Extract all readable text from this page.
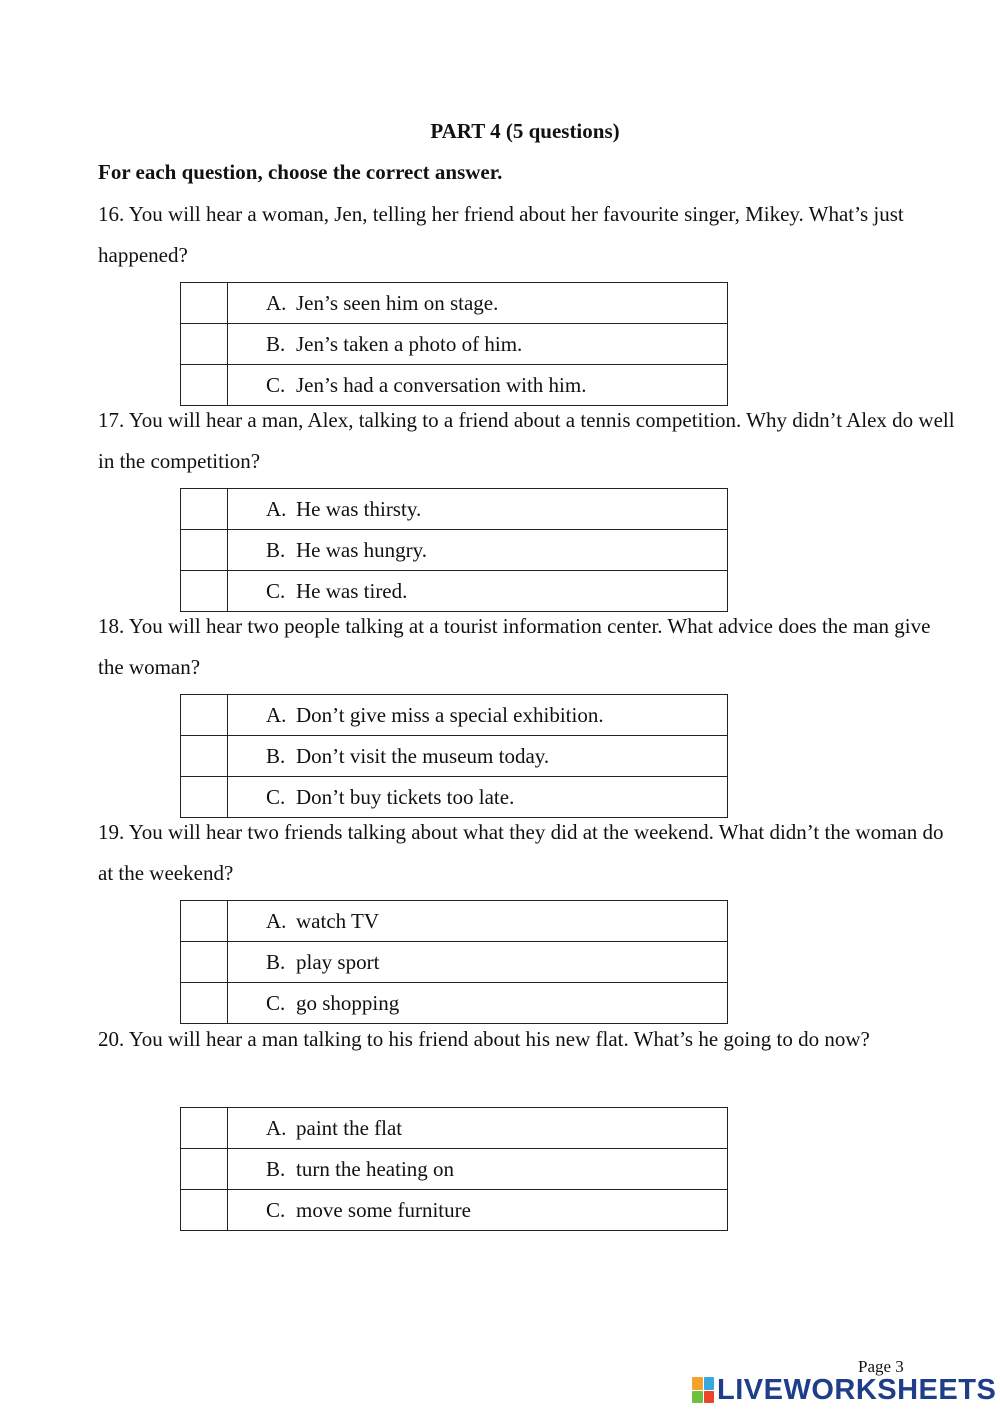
PART 4 (5 questions)
For each question, choose the correct answer.
16. You will hear a woman, Jen, telling her friend about her favourite singer, Mikey. What’s just happened?
	A. Jen’s seen him on stage.
	B. Jen’s taken a photo of him.
	C. Jen’s had a conversation with him.
17. You will hear a man, Alex, talking to a friend about a tennis competition. Why didn’t Alex do well in the competition?
	A. He was thirsty.
	B. He was hungry.
	C. He was tired.
18. You will hear two people talking at a tourist information center. What advice does the man give the woman?
	A. Don’t give miss a special exhibition.
	B. Don’t visit the museum today.
	C. Don’t buy tickets too late.
19. You will hear two friends talking about what they did at the weekend. What didn’t the woman do at the weekend?
	A. watch TV
	B. play sport
	C. go shopping
20. You will hear a man talking to his friend about his new flat. What’s he going to do now?
	A. paint the flat
	B. turn the heating on
	C. move some furniture
Page 3
LIVEWORKSHEETS
